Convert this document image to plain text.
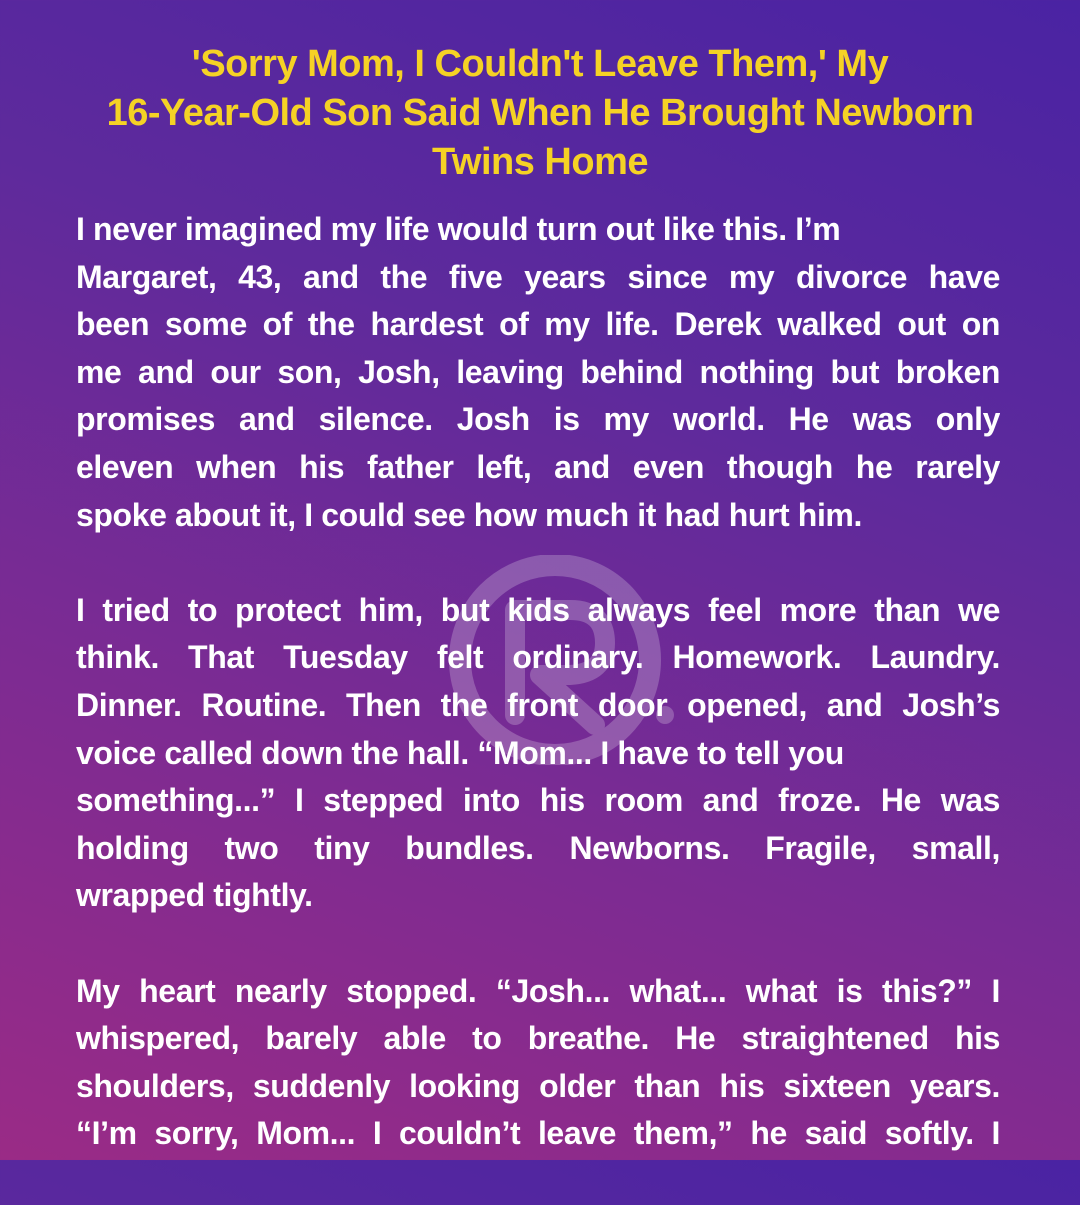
'Sorry Mom, I Couldn't Leave Them,' My
16-Year-Old Son Said When He Brought Newborn
Twins Home
I never imagined my life would turn out like this. I’m
Margaret, 43, and the five years since my divorce have
been some of the hardest of my life. Derek walked out on
me and our son, Josh, leaving behind nothing but broken
promises and silence. Josh is my world. He was only
eleven when his father left, and even though he rarely
spoke about it, I could see how much it had hurt him.
I tried to protect him, but kids always feel more than we
think. That Tuesday felt ordinary. Homework. Laundry.
Dinner. Routine. Then the front door opened, and Josh’s
voice called down the hall. “Mom... I have to tell you
something...” I stepped into his room and froze. He was
holding two tiny bundles. Newborns. Fragile, small,
wrapped tightly.
My heart nearly stopped. “Josh... what... what is this?” I
whispered, barely able to breathe. He straightened his
shoulders, suddenly looking older than his sixteen years.
“I’m sorry, Mom... I couldn’t leave them,” he said softly. I
